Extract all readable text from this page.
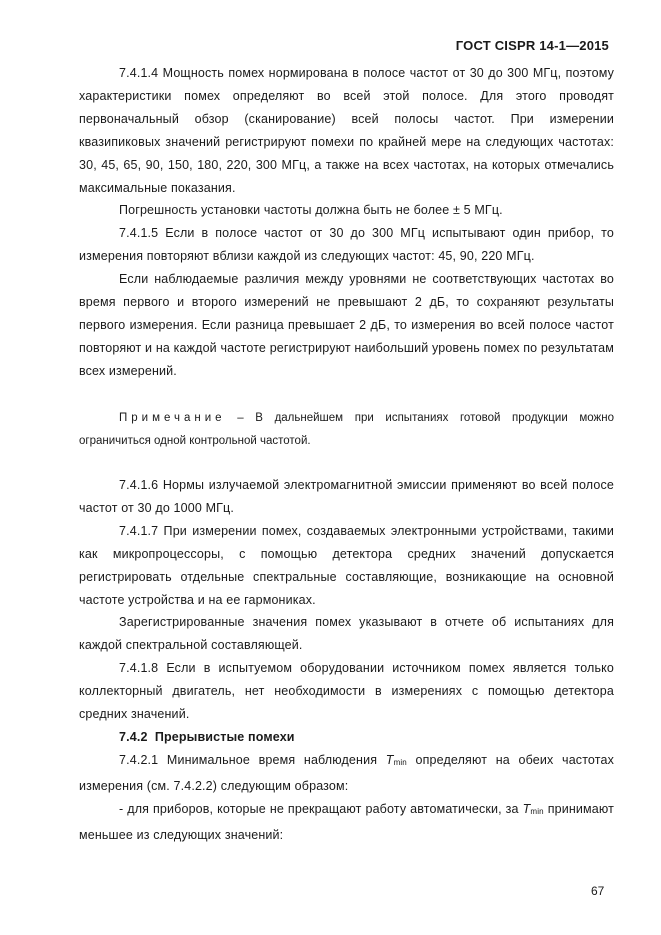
ГОСТ CISPR 14-1—2015

7.4.1.4 Мощность помех нормирована в полосе частот от 30 до 300 МГц, поэтому характеристики помех определяют во всей этой полосе. Для этого проводят первоначальный обзор (сканирование) всей полосы частот. При измерении квазипиковых значений регистрируют помехи по крайней мере на следующих частотах: 30, 45, 65, 90, 150, 180, 220, 300 МГц, а также на всех частотах, на которых отмечались максимальные показания.

Погрешность установки частоты должна быть не более ± 5 МГц.

7.4.1.5 Если в полосе частот от 30 до 300 МГц испытывают один прибор, то измерения повторяют вблизи каждой из следующих частот: 45, 90, 220 МГц.

Если наблюдаемые различия между уровнями не соответствующих частотах во время первого и второго измерений не превышают 2 дБ, то сохраняют результаты первого измерения. Если разница превышает 2 дБ, то измерения во всей полосе частот повторяют и на каждой частоте регистрируют наибольший уровень помех по результатам всех измерений.

Примечание – В дальнейшем при испытаниях готовой продукции можно ограничиться одной контрольной частотой.

7.4.1.6 Нормы излучаемой электромагнитной эмиссии применяют во всей полосе частот от 30 до 1000 МГц.

7.4.1.7 При измерении помех, создаваемых электронными устройствами, такими как микропроцессоры, с помощью детектора средних значений допускается регистрировать отдельные спектральные составляющие, возникающие на основной частоте устройства и на ее гармониках.

Зарегистрированные значения помех указывают в отчете об испытаниях для каждой спектральной составляющей.

7.4.1.8 Если в испытуемом оборудовании источником помех является только коллекторный двигатель, нет необходимости в измерениях с помощью детектора средних значений.

7.4.2 Прерывистые помехи

7.4.2.1 Минимальное время наблюдения $T_{min}$ определяют на обеих частотах измерения (см. 7.4.2.2) следующим образом:

- для приборов, которые не прекращают работу автоматически, за $T_{min}$ принимают меньшее из следующих значений:

67
